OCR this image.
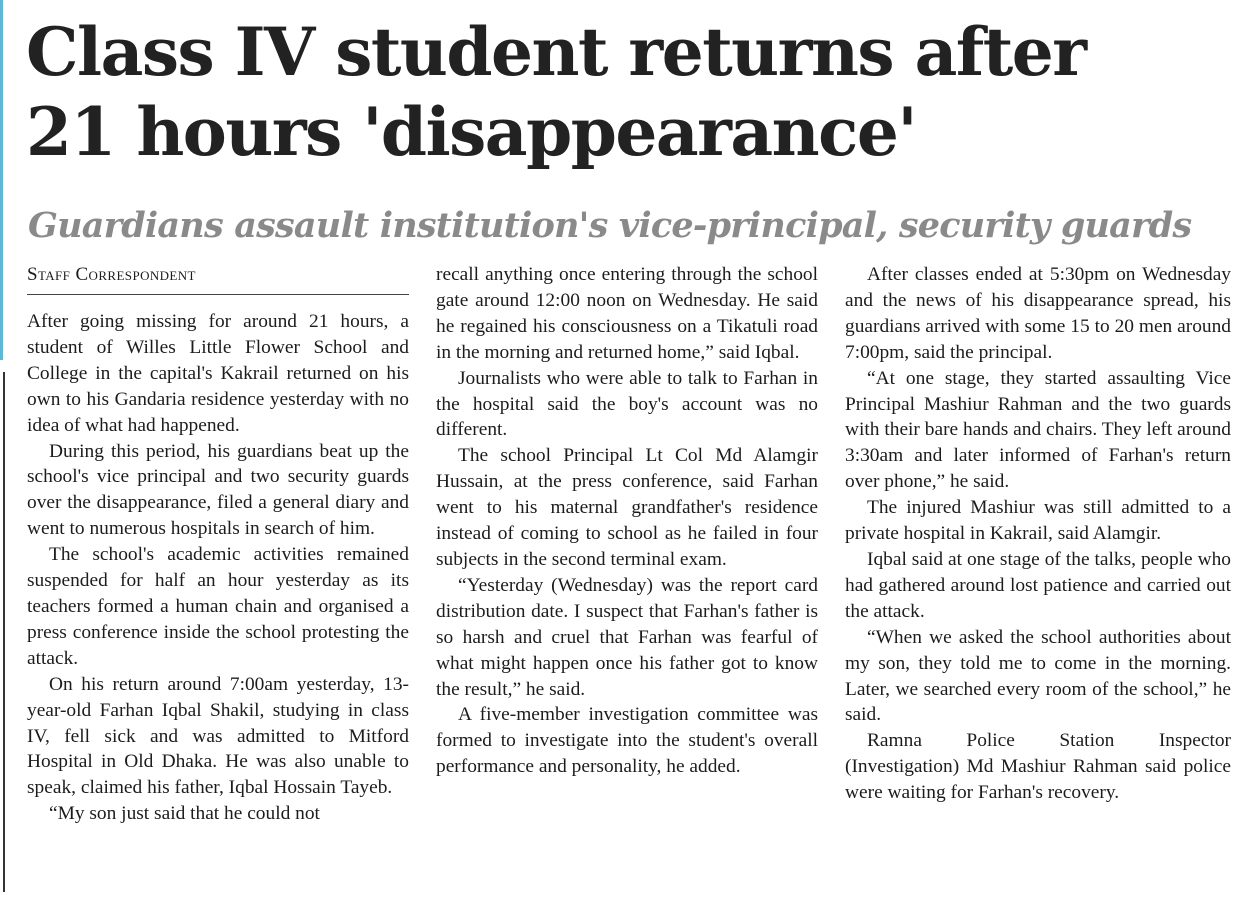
Class IV student returns after
21 hours 'disappearance'
Guardians assault institution's vice-principal, security guards
Staff Correspondent

After going missing for around 21 hours, a student of Willes Little Flower School and College in the capital's Kakrail returned on his own to his Gandaria residence yesterday with no idea of what had happened.

During this period, his guardians beat up the school's vice principal and two security guards over the disappearance, filed a general diary and went to numerous hospitals in search of him.

The school's academic activities remained suspended for half an hour yesterday as its teachers formed a human chain and organised a press conference inside the school protesting the attack.

On his return around 7:00am yesterday, 13-year-old Farhan Iqbal Shakil, studying in class IV, fell sick and was admitted to Mitford Hospital in Old Dhaka. He was also unable to speak, claimed his father, Iqbal Hossain Tayeb.

“My son just said that he could not

recall anything once entering through the school gate around 12:00 noon on Wednesday. He said he regained his consciousness on a Tikatuli road in the morning and returned home,” said Iqbal.

Journalists who were able to talk to Farhan in the hospital said the boy's account was no different.

The school Principal Lt Col Md Alamgir Hussain, at the press conference, said Farhan went to his maternal grandfather's residence instead of coming to school as he failed in four subjects in the second terminal exam.

“Yesterday (Wednesday) was the report card distribution date. I suspect that Farhan's father is so harsh and cruel that Farhan was fearful of what might happen once his father got to know the result,” he said.

A five-member investigation committee was formed to investigate into the student's overall performance and personality, he added.

After classes ended at 5:30pm on Wednesday and the news of his disappearance spread, his guardians arrived with some 15 to 20 men around 7:00pm, said the principal.

“At one stage, they started assaulting Vice Principal Mashiur Rahman and the two guards with their bare hands and chairs. They left around 3:30am and later informed of Farhan's return over phone,” he said.

The injured Mashiur was still admitted to a private hospital in Kakrail, said Alamgir.

Iqbal said at one stage of the talks, people who had gathered around lost patience and carried out the attack.

“When we asked the school authorities about my son, they told me to come in the morning. Later, we searched every room of the school,” he said.

Ramna Police Station Inspector (Investigation) Md Mashiur Rahman said police were waiting for Farhan's recovery.
